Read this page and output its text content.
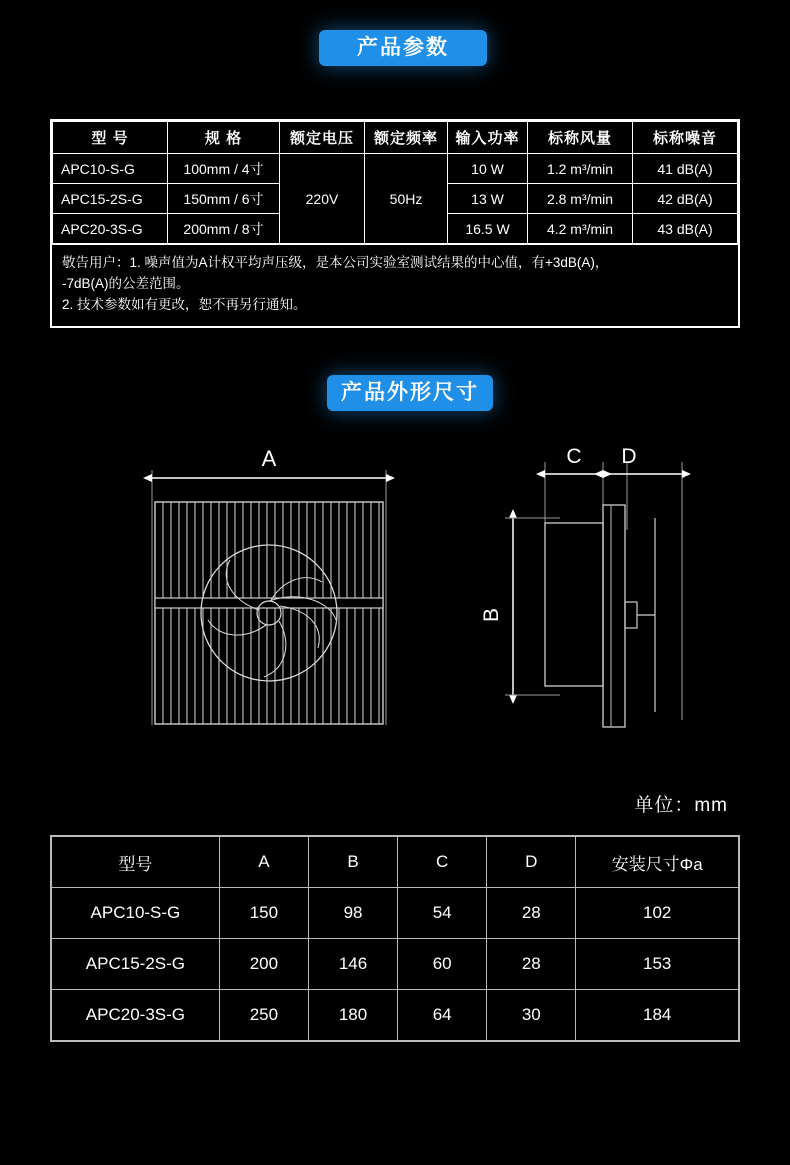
产品参数
型 号	规 格	额定电压	额定频率	输入功率	标称风量	标称噪音
APC10-S-G	100mm / 4寸	220V	50Hz	10 W	1.2 m³/min	41 dB(A)
APC15-2S-G	150mm / 6寸			13 W	2.8 m³/min	42 dB(A)
APC20-3S-G	200mm / 8寸			16.5 W	4.2 m³/min	43 dB(A)
敬告用户：1. 噪声值为A计权平均声压级，是本公司实验室测试结果的中心值，有+3dB(A)，
-7dB(A)的公差范围。
2. 技术参数如有更改，恕不再另行通知。
产品外形尺寸
A	C D
B
单位：mm
型号	A	B	C	D	安装尺寸Φa
APC10-S-G	150	98	54	28	102
APC15-2S-G	200	146	60	28	153
APC20-3S-G	250	180	64	30	184
